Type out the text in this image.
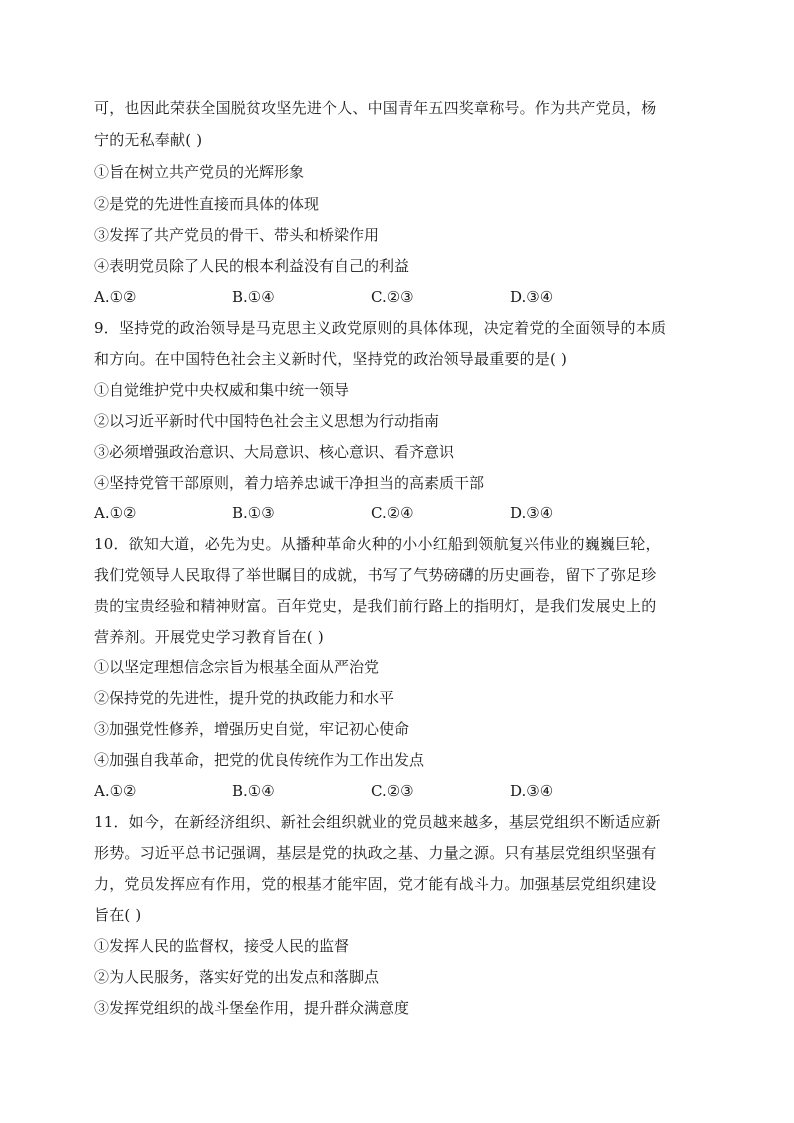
可，也因此荣获全国脱贫攻坚先进个人、中国青年五四奖章称号。作为共产党员，杨
宁的无私奉献( )
①旨在树立共产党员的光辉形象
②是党的先进性直接而具体的体现
③发挥了共产党员的骨干、带头和桥梁作用
④表明党员除了人民的根本利益没有自己的利益
A.①②	B.①④	C.②③	D.③④
9．坚持党的政治领导是马克思主义政党原则的具体体现，决定着党的全面领导的本质
和方向。在中国特色社会主义新时代，坚持党的政治领导最重要的是( )
①自觉维护党中央权威和集中统一领导
②以习近平新时代中国特色社会主义思想为行动指南
③必须增强政治意识、大局意识、核心意识、看齐意识
④坚持党管干部原则，着力培养忠诚干净担当的高素质干部
A.①②	B.①③	C.②④	D.③④
10．欲知大道，必先为史。从播种革命火种的小小红船到领航复兴伟业的巍巍巨轮，
我们党领导人民取得了举世瞩目的成就，书写了气势磅礴的历史画卷，留下了弥足珍
贵的宝贵经验和精神财富。百年党史，是我们前行路上的指明灯，是我们发展史上的
营养剂。开展党史学习教育旨在( )
①以坚定理想信念宗旨为根基全面从严治党
②保持党的先进性，提升党的执政能力和水平
③加强党性修养，增强历史自觉，牢记初心使命
④加强自我革命，把党的优良传统作为工作出发点
A.①②	B.①④	C.②③	D.③④
11．如今，在新经济组织、新社会组织就业的党员越来越多，基层党组织不断适应新
形势。习近平总书记强调，基层是党的执政之基、力量之源。只有基层党组织坚强有
力，党员发挥应有作用，党的根基才能牢固，党才能有战斗力。加强基层党组织建设
旨在( )
①发挥人民的监督权，接受人民的监督
②为人民服务，落实好党的出发点和落脚点
③发挥党组织的战斗堡垒作用，提升群众满意度
